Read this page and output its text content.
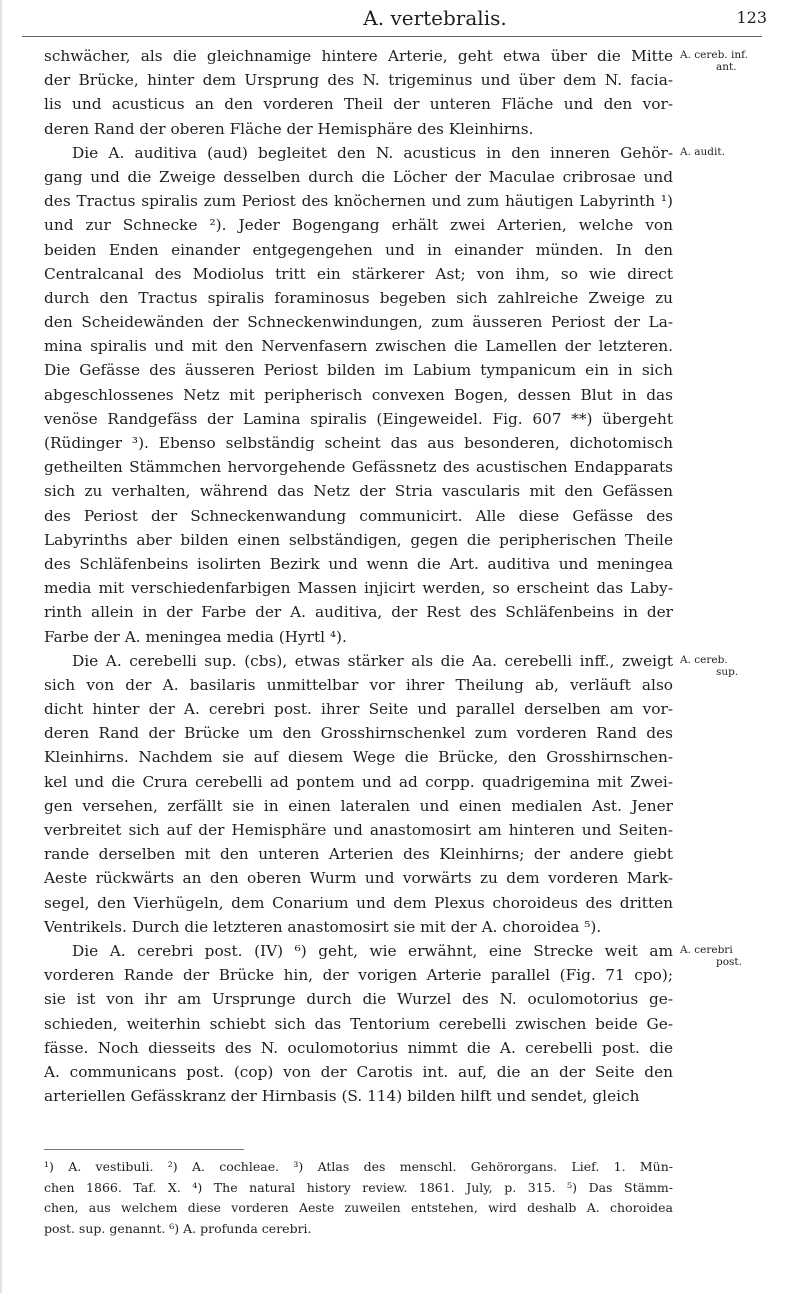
A. vertebralis.	123
schwächer, als die gleichnamige hintere Arterie, geht etwa über die Mitte
der Brücke, hinter dem Ursprung des N. trigeminus und über dem N. facia-
lis und acusticus an den vorderen Theil der unteren Fläche und den vor-
deren Rand der oberen Fläche der Hemisphäre des Kleinhirns.
Die A. auditiva (aud) begleitet den N. acusticus in den inneren Gehör-
gang und die Zweige desselben durch die Löcher der Maculae cribrosae und
des Tractus spiralis zum Periost des knöchernen und zum häutigen Labyrinth ¹)
und zur Schnecke ²). Jeder Bogengang erhält zwei Arterien, welche von
beiden Enden einander entgegengehen und in einander münden. In den
Centralcanal des Modiolus tritt ein stärkerer Ast; von ihm, so wie direct
durch den Tractus spiralis foraminosus begeben sich zahlreiche Zweige zu
den Scheidewänden der Schneckenwindungen, zum äusseren Periost der La-
mina spiralis und mit den Nervenfasern zwischen die Lamellen der letzteren.
Die Gefässe des äusseren Periost bilden im Labium tympanicum ein in sich
abgeschlossenes Netz mit peripherisch convexen Bogen, dessen Blut in das
venöse Randgefäss der Lamina spiralis (Eingeweidel. Fig. 607 **) übergeht
(Rüdinger ³). Ebenso selbständig scheint das aus besonderen, dichotomisch
getheilten Stämmchen hervorgehende Gefässnetz des acustischen Endapparats
sich zu verhalten, während das Netz der Stria vascularis mit den Gefässen
des Periost der Schneckenwandung communicirt. Alle diese Gefässe des
Labyrinths aber bilden einen selbständigen, gegen die peripherischen Theile
des Schläfenbeins isolirten Bezirk und wenn die Art. auditiva und meningea
media mit verschiedenfarbigen Massen injicirt werden, so erscheint das Laby-
rinth allein in der Farbe der A. auditiva, der Rest des Schläfenbeins in der
Farbe der A. meningea media (Hyrtl ⁴).
Die A. cerebelli sup. (cbs), etwas stärker als die Aa. cerebelli inff., zweigt
sich von der A. basilaris unmittelbar vor ihrer Theilung ab, verläuft also
dicht hinter der A. cerebri post. ihrer Seite und parallel derselben am vor-
deren Rand der Brücke um den Grosshirnschenkel zum vorderen Rand des
Kleinhirns. Nachdem sie auf diesem Wege die Brücke, den Grosshirnschen-
kel und die Crura cerebelli ad pontem und ad corpp. quadrigemina mit Zwei-
gen versehen, zerfällt sie in einen lateralen und einen medialen Ast. Jener
verbreitet sich auf der Hemisphäre und anastomosirt am hinteren und Seiten-
rande derselben mit den unteren Arterien des Kleinhirns; der andere giebt
Aeste rückwärts an den oberen Wurm und vorwärts zu dem vorderen Mark-
segel, den Vierhügeln, dem Conarium und dem Plexus choroideus des dritten
Ventrikels. Durch die letzteren anastomosirt sie mit der A. choroidea ⁵).
Die A. cerebri post. (IV) ⁶) geht, wie erwähnt, eine Strecke weit am
vorderen Rande der Brücke hin, der vorigen Arterie parallel (Fig. 71 cpo);
sie ist von ihr am Ursprunge durch die Wurzel des N. oculomotorius ge-
schieden, weiterhin schiebt sich das Tentorium cerebelli zwischen beide Ge-
fässe. Noch diesseits des N. oculomotorius nimmt die A. cerebelli post. die
A. communicans post. (cop) von der Carotis int. auf, die an der Seite den
arteriellen Gefässkranz der Hirnbasis (S. 114) bilden hilft und sendet, gleich
A. cereb. inf.
ant.
A. audit.
A. cereb.
sup.
A. cerebri
post.
¹) A. vestibuli. ²) A. cochleae. ³) Atlas des menschl. Gehörorgans. Lief. 1. Mün-
chen 1866. Taf. X. ⁴) The natural history review. 1861. July, p. 315. ⁵) Das Stämm-
chen, aus welchem diese vorderen Aeste zuweilen entstehen, wird deshalb A. choroidea
post. sup. genannt. ⁶) A. profunda cerebri.
